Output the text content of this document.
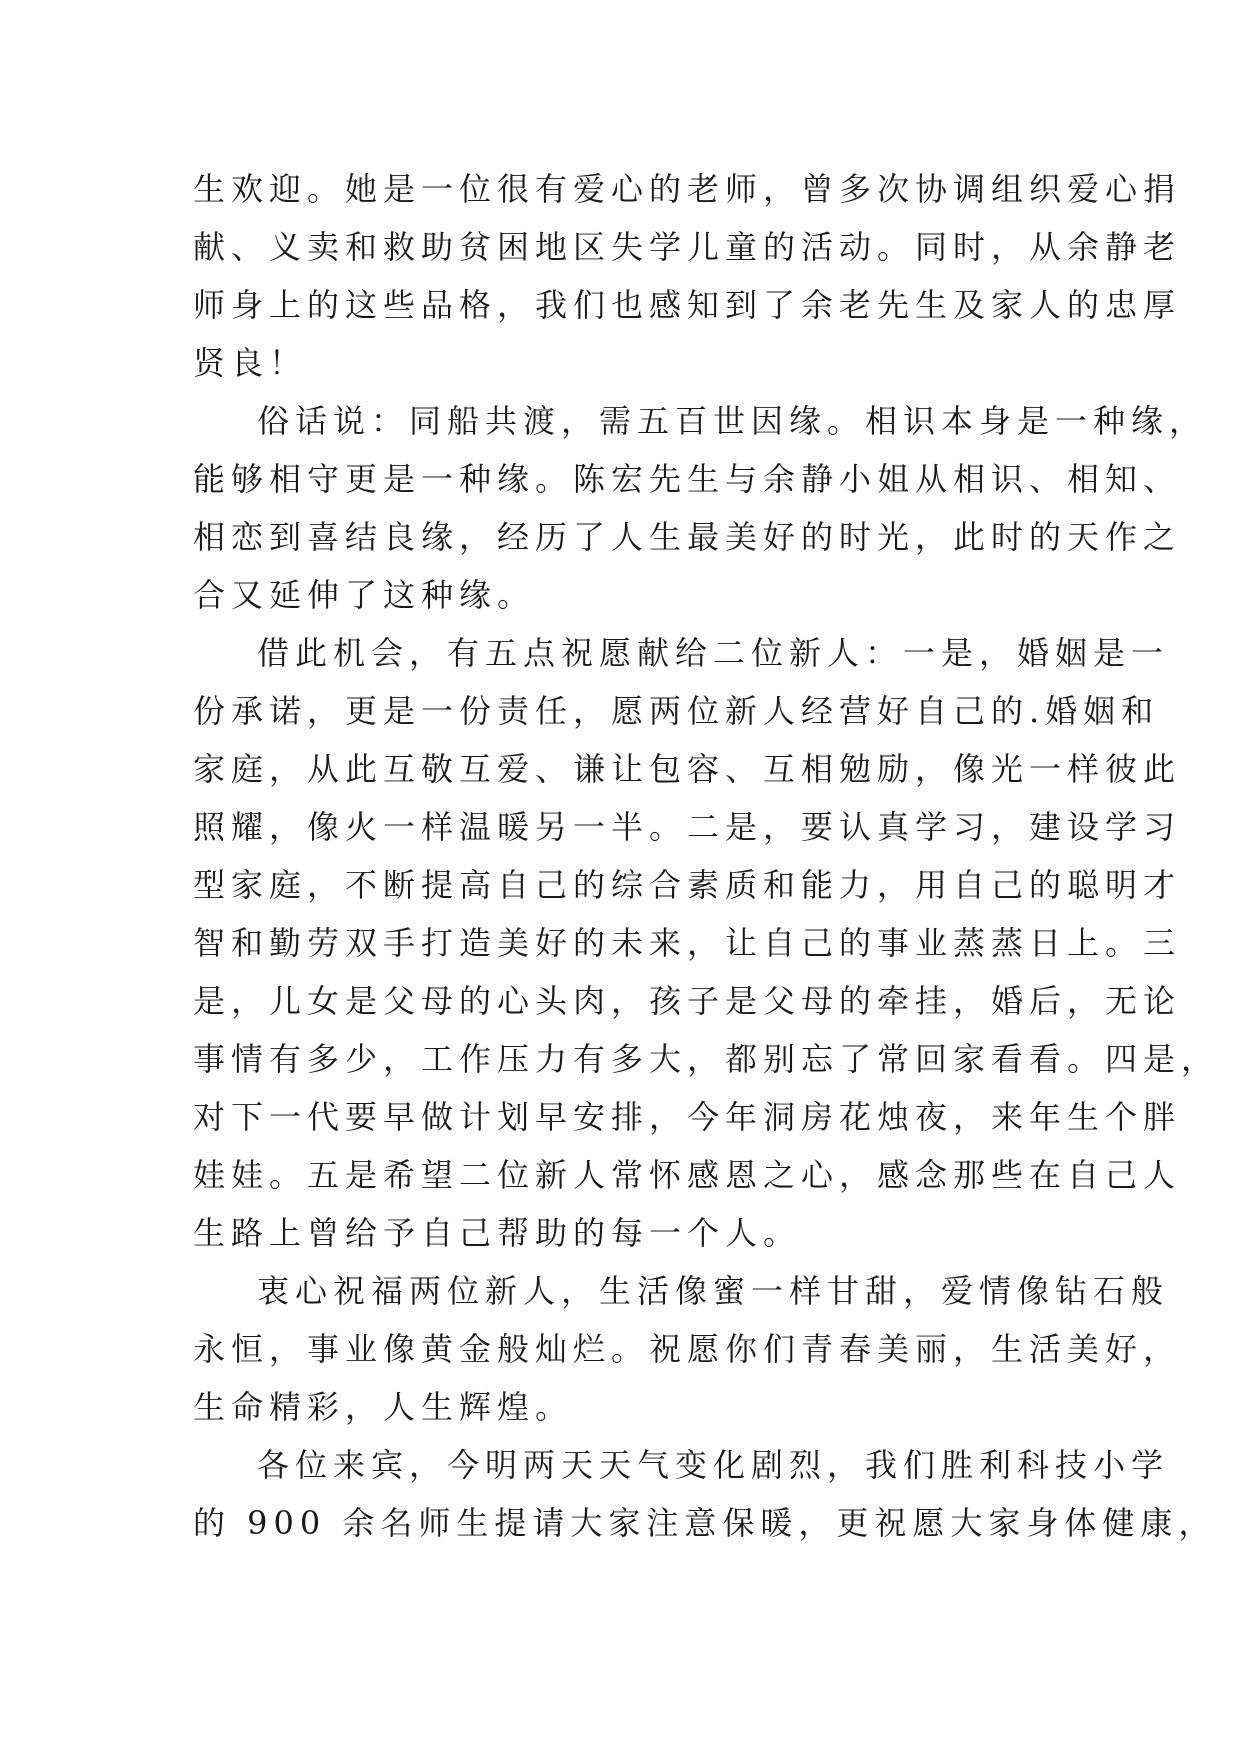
生欢迎。她是一位很有爱心的老师，曾多次协调组织爱心捐
献、义卖和救助贫困地区失学儿童的活动。同时，从余静老
师身上的这些品格，我们也感知到了余老先生及家人的忠厚
贤良！
俗话说：同船共渡，需五百世因缘。相识本身是一种缘，
能够相守更是一种缘。陈宏先生与余静小姐从相识、相知、
相恋到喜结良缘，经历了人生最美好的时光，此时的天作之
合又延伸了这种缘。
借此机会，有五点祝愿献给二位新人：一是，婚姻是一
份承诺，更是一份责任，愿两位新人经营好自己的.婚姻和
家庭，从此互敬互爱、谦让包容、互相勉励，像光一样彼此
照耀，像火一样温暖另一半。二是，要认真学习，建设学习
型家庭，不断提高自己的综合素质和能力，用自己的聪明才
智和勤劳双手打造美好的未来，让自己的事业蒸蒸日上。三
是，儿女是父母的心头肉，孩子是父母的牵挂，婚后，无论
事情有多少，工作压力有多大，都别忘了常回家看看。四是，
对下一代要早做计划早安排，今年洞房花烛夜，来年生个胖
娃娃。五是希望二位新人常怀感恩之心，感念那些在自己人
生路上曾给予自己帮助的每一个人。
衷心祝福两位新人，生活像蜜一样甘甜，爱情像钻石般
永恒，事业像黄金般灿烂。祝愿你们青春美丽，生活美好，
生命精彩，人生辉煌。
各位来宾，今明两天天气变化剧烈，我们胜利科技小学
的 900 余名师生提请大家注意保暖，更祝愿大家身体健康，
